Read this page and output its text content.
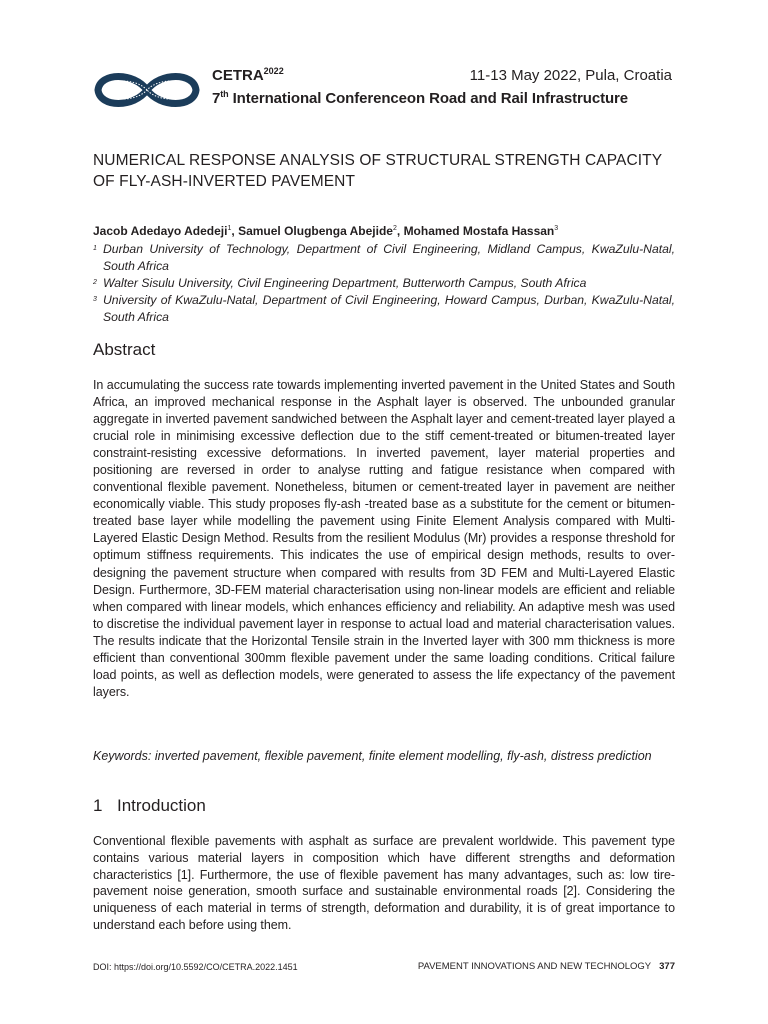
$CETRA^{2022}$	11-13 May 2022, Pula, Croatia
7th International Conferenceon Road and Rail Infrastructure
NUMERICAL RESPONSE ANALYSIS OF STRUCTURAL STRENGTH CAPACITY OF FLY-ASH-INVERTED PAVEMENT
Jacob Adedayo Adedeji$^1$, Samuel Olugbenga Abejide$^2$, Mohamed Mostafa Hassan$^3$
1 Durban University of Technology, Department of Civil Engineering, Midland Campus, KwaZulu-Natal, South Africa
2 Walter Sisulu University, Civil Engineering Department, Butterworth Campus, South Africa
3 University of KwaZulu-Natal, Department of Civil Engineering, Howard Campus, Durban, KwaZulu-Natal, South Africa
Abstract
In accumulating the success rate towards implementing inverted pavement in the United States and South Africa, an improved mechanical response in the Asphalt layer is observed. The unbounded granular aggregate in inverted pavement sandwiched between the Asphalt layer and cement-treated layer played a crucial role in minimising excessive deflection due to the stiff cement-treated or bitumen-treated layer constraint-resisting excessive deformations. In inverted pavement, layer material properties and positioning are reversed in order to analyse rutting and fatigue resistance when compared with conventional flexible pavement. Nonetheless, bitumen or cement-treated layer in pavement are neither economically viable. This study proposes fly-ash -treated base as a substitute for the cement or bitumen-treated base layer while modelling the pavement using Finite Element Analysis compared with Multi-Layered Elastic Design Method. Results from the resilient Modulus (Mr) provides a response threshold for optimum stiffness requirements. This indicates the use of empirical design methods, results to over-designing the pavement structure when compared with results from 3D FEM and Multi-Layered Elastic Design. Furthermore, 3D-FEM material characterisation using non-linear models are efficient and reliable when compared with linear models, which enhances efficiency and reliability. An adaptive mesh was used to discretise the individual pavement layer in response to actual load and material characterisation values. The results indicate that the Horizontal Tensile strain in the Inverted layer with 300 mm thickness is more efficient than conventional 300mm flexible pavement under the same loading conditions. Critical failure load points, as well as deflection models, were generated to assess the life expectancy of the pavement layers.
Keywords: inverted pavement, flexible pavement, finite element modelling, fly-ash, distress prediction
1 Introduction
Conventional flexible pavements with asphalt as surface are prevalent worldwide. This pavement type contains various material layers in composition which have different strengths and deformation characteristics [1]. Furthermore, the use of flexible pavement has many advantages, such as: low tire-pavement noise generation, smooth surface and sustainable environmental roads [2]. Considering the uniqueness of each material in terms of strength, deformation and durability, it is of great importance to understand each before using them.
DOI: https://doi.org/10.5592/CO/CETRA.2022.1451	PAVEMENT INNOVATIONS AND NEW TECHNOLOGY 377
